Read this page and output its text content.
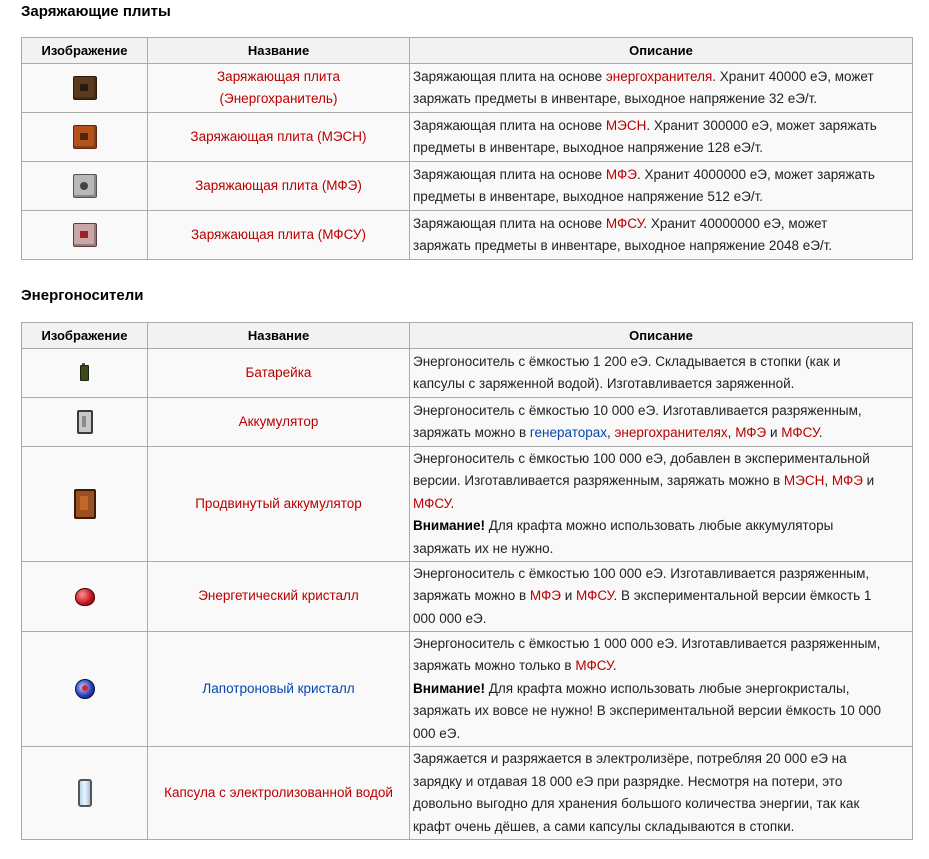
Заряжающие плиты
Изображение	Название	Описание
	Заряжающая плита
(Энергохранитель)	Заряжающая плита на основе энергохранителя. Хранит 40000 еЭ, может
заряжать предметы в инвентаре, выходное напряжение 32 еЭ/т.
	Заряжающая плита (МЭСН)	Заряжающая плита на основе МЭСН. Хранит 300000 еЭ, может заряжать
предметы в инвентаре, выходное напряжение 128 еЭ/т.
	Заряжающая плита (МФЭ)	Заряжающая плита на основе МФЭ. Хранит 4000000 еЭ, может заряжать
предметы в инвентаре, выходное напряжение 512 еЭ/т.
	Заряжающая плита (МФСУ)	Заряжающая плита на основе МФСУ. Хранит 40000000 еЭ, может
заряжать предметы в инвентаре, выходное напряжение 2048 еЭ/т.
Энергоносители
Изображение	Название	Описание
	Батарейка	Энергоноситель с ёмкостью 1 200 еЭ. Складывается в стопки (как и
капсулы с заряженной водой). Изготавливается заряженной.
	Аккумулятор	Энергоноситель с ёмкостью 10 000 еЭ. Изготавливается разряженным,
заряжать можно в генераторах, энергохранителях, МФЭ и МФСУ.
	Продвинутый аккумулятор	Энергоноситель с ёмкостью 100 000 еЭ, добавлен в экспериментальной
версии. Изготавливается разряженным, заряжать можно в МЭСН, МФЭ и
МФСУ.
Внимание! Для крафта можно использовать любые аккумуляторы
заряжать их не нужно.
	Энергетический кристалл	Энергоноситель с ёмкостью 100 000 еЭ. Изготавливается разряженным,
заряжать можно в МФЭ и МФСУ. В экспериментальной версии ёмкость 1
000 000 еЭ.
	Лапотроновый кристалл	Энергоноситель с ёмкостью 1 000 000 еЭ. Изготавливается разряженным,
заряжать можно только в МФСУ.
Внимание! Для крафта можно использовать любые энергокристалы,
заряжать их вовсе не нужно! В экспериментальной версии ёмкость 10 000
000 еЭ.
	Капсула с электролизованной водой	Заряжается и разряжается в электролизёре, потребляя 20 000 еЭ на
зарядку и отдавая 18 000 еЭ при разрядке. Несмотря на потери, это
довольно выгодно для хранения большого количества энергии, так как
крафт очень дёшев, а сами капсулы складываются в стопки.
